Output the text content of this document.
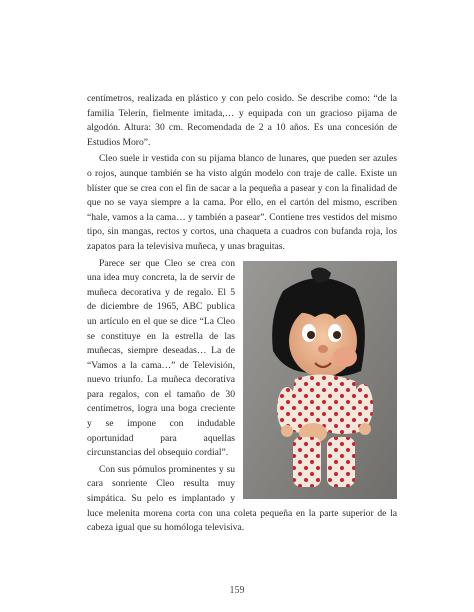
centímetros, realizada en plástico y con pelo cosido. Se describe como: “de la familia Telerín, fielmente imitada,… y equipada con un gracioso pijama de algodón. Altura: 30 cm. Recomendada de 2 a 10 años. Es una concesión de Estudios Moro”.

Cleo suele ir vestida con su pijama blanco de lunares, que pueden ser azules o rojos, aunque también se ha visto algún modelo con traje de calle. Existe un blíster que se crea con el fin de sacar a la pequeña a pasear y con la finalidad de que no se vaya siempre a la cama. Por ello, en el cartón del mismo, escriben “hale, vamos a la cama… y también a pasear”. Contiene tres vestidos del mismo tipo, sin mangas, rectos y cortos, una chaqueta a cuadros con bufanda roja, los zapatos para la televisiva muñeca, y unas braguitas.

Parece ser que Cleo se crea con una idea muy concreta, la de servir de muñeca decorativa y de regalo. El 5 de diciembre de 1965, ABC publica un artículo en el que se dice “La Cleo se constituye en la estrella de las muñecas, siempre deseadas… La de “Vamos a la cama…” de Televisión, nuevo triunfo. La muñeca decorativa para regalos, con el tamaño de 30 centímetros, logra una boga creciente y se impone con indudable oportunidad para aquellas circunstancias del obsequio cordial”.

Con sus pómulos prominentes y su cara sonriente Cleo resulta muy simpática. Su pelo es implantado y luce melenita morena corta con una coleta pequeña en la parte superior de la cabeza igual que su homóloga televisiva.

159
